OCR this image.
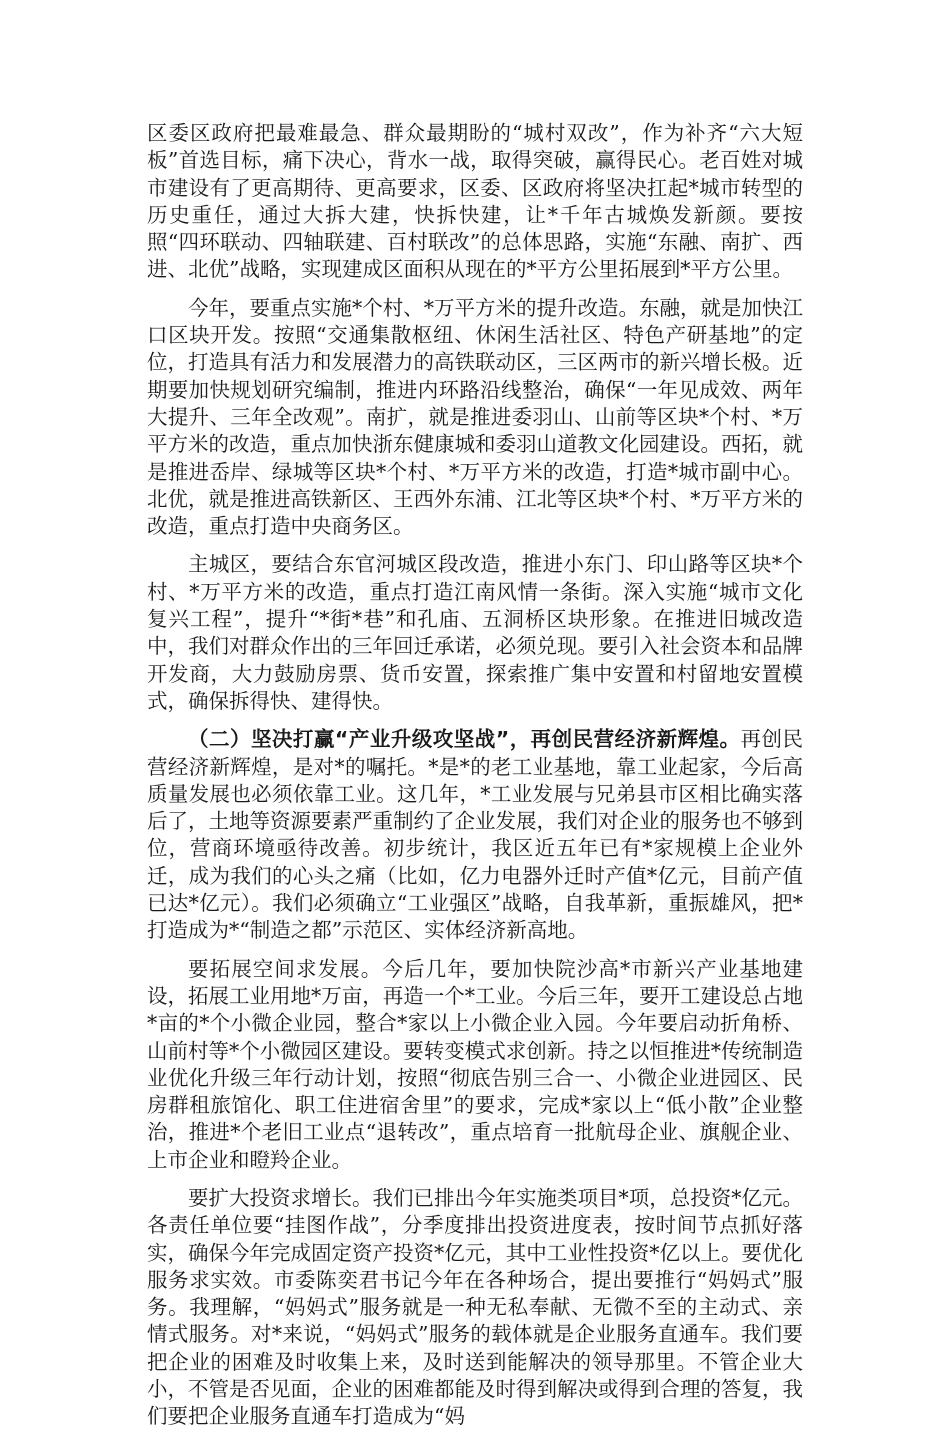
区委区政府把最难最急、群众最期盼的“城村双改”，作为补齐“六大短板”首选目标，痛下决心，背水一战，取得突破，赢得民心。老百姓对城市建设有了更高期待、更高要求，区委、区政府将坚决扛起*城市转型的历史重任，通过大拆大建，快拆快建，让*千年古城焕发新颜。要按照“四环联动、四轴联建、百村联改”的总体思路，实施“东融、南扩、西进、北优”战略，实现建成区面积从现在的*平方公里拓展到*平方公里。

今年，要重点实施*个村、*万平方米的提升改造。东融，就是加快江口区块开发。按照“交通集散枢纽、休闲生活社区、特色产研基地”的定位，打造具有活力和发展潜力的高铁联动区，三区两市的新兴增长极。近期要加快规划研究编制，推进内环路沿线整治，确保“一年见成效、两年大提升、三年全改观”。南扩，就是推进委羽山、山前等区块*个村、*万平方米的改造，重点加快浙东健康城和委羽山道教文化园建设。西拓，就是推进岙岸、绿城等区块*个村、*万平方米的改造，打造*城市副中心。北优，就是推进高铁新区、王西外东浦、江北等区块*个村、*万平方米的改造，重点打造中央商务区。

主城区，要结合东官河城区段改造，推进小东门、印山路等区块*个村、*万平方米的改造，重点打造江南风情一条街。深入实施“城市文化复兴工程”，提升“*街*巷”和孔庙、五洞桥区块形象。在推进旧城改造中，我们对群众作出的三年回迁承诺，必须兑现。要引入社会资本和品牌开发商，大力鼓励房票、货币安置，探索推广集中安置和村留地安置模式，确保拆得快、建得快。

（二）坚决打赢“产业升级攻坚战”，再创民营经济新辉煌。再创民营经济新辉煌，是对*的嘱托。*是*的老工业基地，靠工业起家，今后高质量发展也必须依靠工业。这几年，*工业发展与兄弟县市区相比确实落后了，土地等资源要素严重制约了企业发展，我们对企业的服务也不够到位，营商环境亟待改善。初步统计，我区近五年已有*家规模上企业外迁，成为我们的心头之痛（比如，亿力电器外迁时产值*亿元，目前产值已达*亿元）。我们必须确立“工业强区”战略，自我革新，重振雄风，把*打造成为*“制造之都”示范区、实体经济新高地。

要拓展空间求发展。今后几年，要加快院沙高*市新兴产业基地建设，拓展工业用地*万亩，再造一个*工业。今后三年，要开工建设总占地*亩的*个小微企业园，整合*家以上小微企业入园。今年要启动折角桥、山前村等*个小微园区建设。要转变模式求创新。持之以恒推进*传统制造业优化升级三年行动计划，按照“彻底告别三合一、小微企业进园区、民房群租旅馆化、职工住进宿舍里”的要求，完成*家以上“低小散”企业整治，推进*个老旧工业点“退转改”，重点培育一批航母企业、旗舰企业、上市企业和瞪羚企业。

要扩大投资求增长。我们已排出今年实施类项目*项，总投资*亿元。各责任单位要“挂图作战”，分季度排出投资进度表，按时间节点抓好落实，确保今年完成固定资产投资*亿元，其中工业性投资*亿以上。要优化服务求实效。市委陈奕君书记今年在各种场合，提出要推行“妈妈式”服务。我理解，“妈妈式”服务就是一种无私奉献、无微不至的主动式、亲情式服务。对*来说，“妈妈式”服务的载体就是企业服务直通车。我们要把企业的困难及时收集上来，及时送到能解决的领导那里。不管企业大小，不管是否见面，企业的困难都能及时得到解决或得到合理的答复，我们要把企业服务直通车打造成为“妈
